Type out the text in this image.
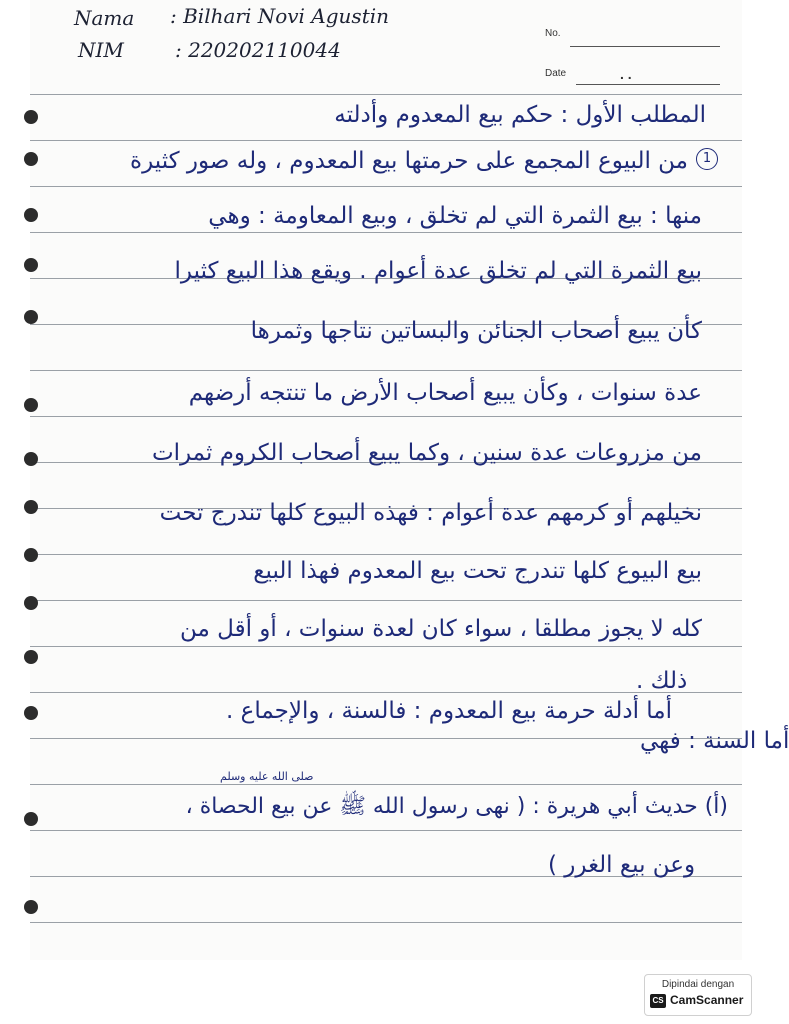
Nama : Bilhari Novi Agustin
NIM	: 220202110044
No.
Date	. .
المطلب الأول : حكم بيع المعدوم وأدلته
1
من البيوع المجمع على حرمتها بيع المعدوم ، وله صور كثيرة
منها : بيع الثمرة التي لم تخلق ، وبيع المعاومة : وهي
بيع الثمرة التي لم تخلق عدة أعوام . ويقع هذا البيع كثيرا
كأن يبيع أصحاب الجنائن والبساتين نتاجها وثمرها
عدة سنوات ، وكأن يبيع أصحاب الأرض ما تنتجه أرضهم
من مزروعات عدة سنين ، وكما يبيع أصحاب الكروم ثمرات
نخيلهم أو كرمهم عدة أعوام : فهذه البيوع كلها تندرج تحت
بيع البيوع كلها تندرج تحت بيع المعدوم فهذا البيع
كله لا يجوز مطلقا ، سواء كان لعدة سنوات ، أو أقل من
ذلك .
أما أدلة حرمة بيع المعدوم : فالسنة ، والإجماع .
أما السنة : فهي
صلى الله عليه وسلم
(أ) حديث أبي هريرة : ( نهى رسول الله ﷺ عن بيع الحصاة ،
وعن بيع الغرر )
Dipindai dengan
CS CamScanner
